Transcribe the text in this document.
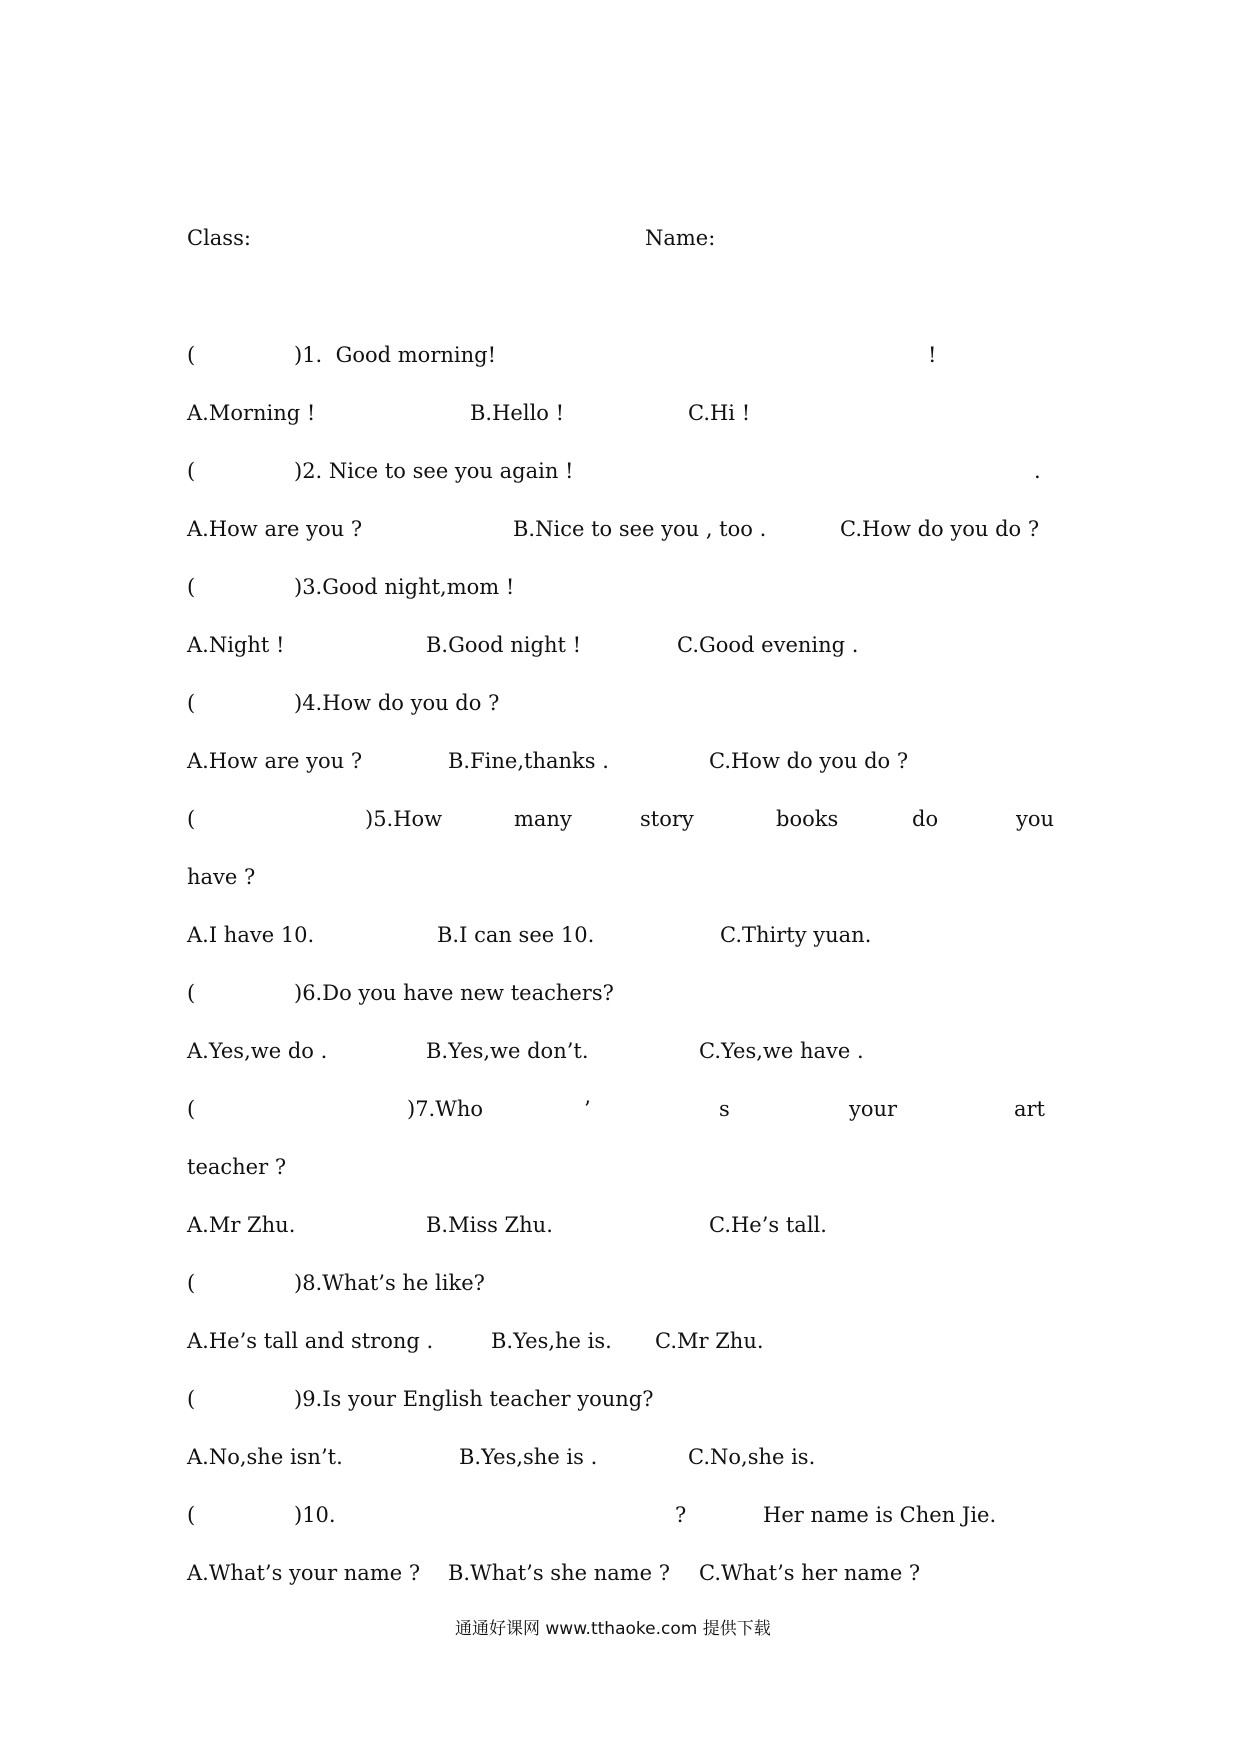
Class:	Name:
(	)1.  Good morning!	!
A.Morning !	B.Hello !	C.Hi !
(	)2. Nice to see you again !	.
A.How are you ?	B.Nice to see you , too .	C.How do you do ?
(	)3.Good night,mom !
A.Night !	B.Good night !	C.Good evening .
(	)4.How do you do ?
A.How are you ?	B.Fine,thanks .	C.How do you do ?
(	)5.How	many	story	books	do	you
have ?
A.I have 10.	B.I can see 10.	C.Thirty yuan.
(	)6.Do you have new teachers?
A.Yes,we do .	B.Yes,we don’t.	C.Yes,we have .
(	)7.Who	’	s	your	art
teacher ?
A.Mr Zhu.	B.Miss Zhu.	C.He’s tall.
(	)8.What’s he like?
A.He’s tall and strong .	B.Yes,he is. C.Mr Zhu.
(	)9.Is your English teacher young?
A.No,she isn’t.	B.Yes,she is .	C.No,she is.
(	)10.	?	Her name is Chen Jie.
A.What’s your name ? B.What’s she name ? C.What’s her name ?
通通好课网 www.tthaoke.com 提供下载
